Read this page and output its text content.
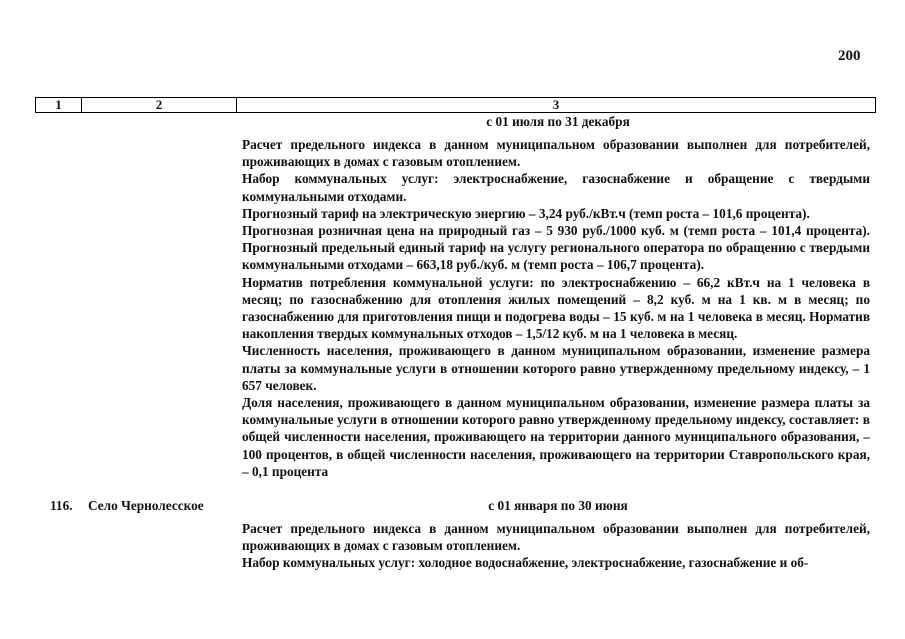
200
1	2	3
с 01 июля по 31 декабря

Расчет предельного индекса в данном муниципальном образовании выполнен для потребителей, проживающих в домах с газовым отоплением.

Набор коммунальных услуг: электроснабжение, газоснабжение и обращение с твердыми коммунальными отходами.

Прогнозный тариф на электрическую энергию – 3,24 руб./кВт.ч (темп роста – 101,6 процента).

Прогнозная розничная цена на природный газ – 5 930 руб./1000 куб. м (темп роста – 101,4 процента). Прогнозный предельный единый тариф на услугу регионального оператора по обращению с твердыми коммунальными отходами – 663,18 руб./куб. м (темп роста – 106,7 процента).

Норматив потребления коммунальной услуги: по электроснабжению – 66,2 кВт.ч на 1 человека в месяц; по газоснабжению для отопления жилых помещений – 8,2 куб. м на 1 кв. м в месяц; по газоснабжению для приготовления пищи и подогрева воды – 15 куб. м на 1 человека в месяц. Норматив накопления твердых коммунальных отходов – 1,5/12 куб. м на 1 человека в месяц.

Численность населения, проживающего в данном муниципальном образовании, изменение размера платы за коммунальные услуги в отношении которого равно утвержденному предельному индексу, – 1 657 человек.

Доля населения, проживающего в данном муниципальном образовании, изменение размера платы за коммунальные услуги в отношении которого равно утвержденному предельному индексу, составляет: в общей численности населения, проживающего на территории данного муниципального образования, – 100 процентов, в общей численности населения, проживающего на территории Ставропольского края, – 0,1 процента

116. Село Чернолесское	с 01 января по 30 июня

Расчет предельного индекса в данном муниципальном образовании выполнен для потребителей, проживающих в домах с газовым отоплением.

Набор коммунальных услуг: холодное водоснабжение, электроснабжение, газоснабжение и об-
